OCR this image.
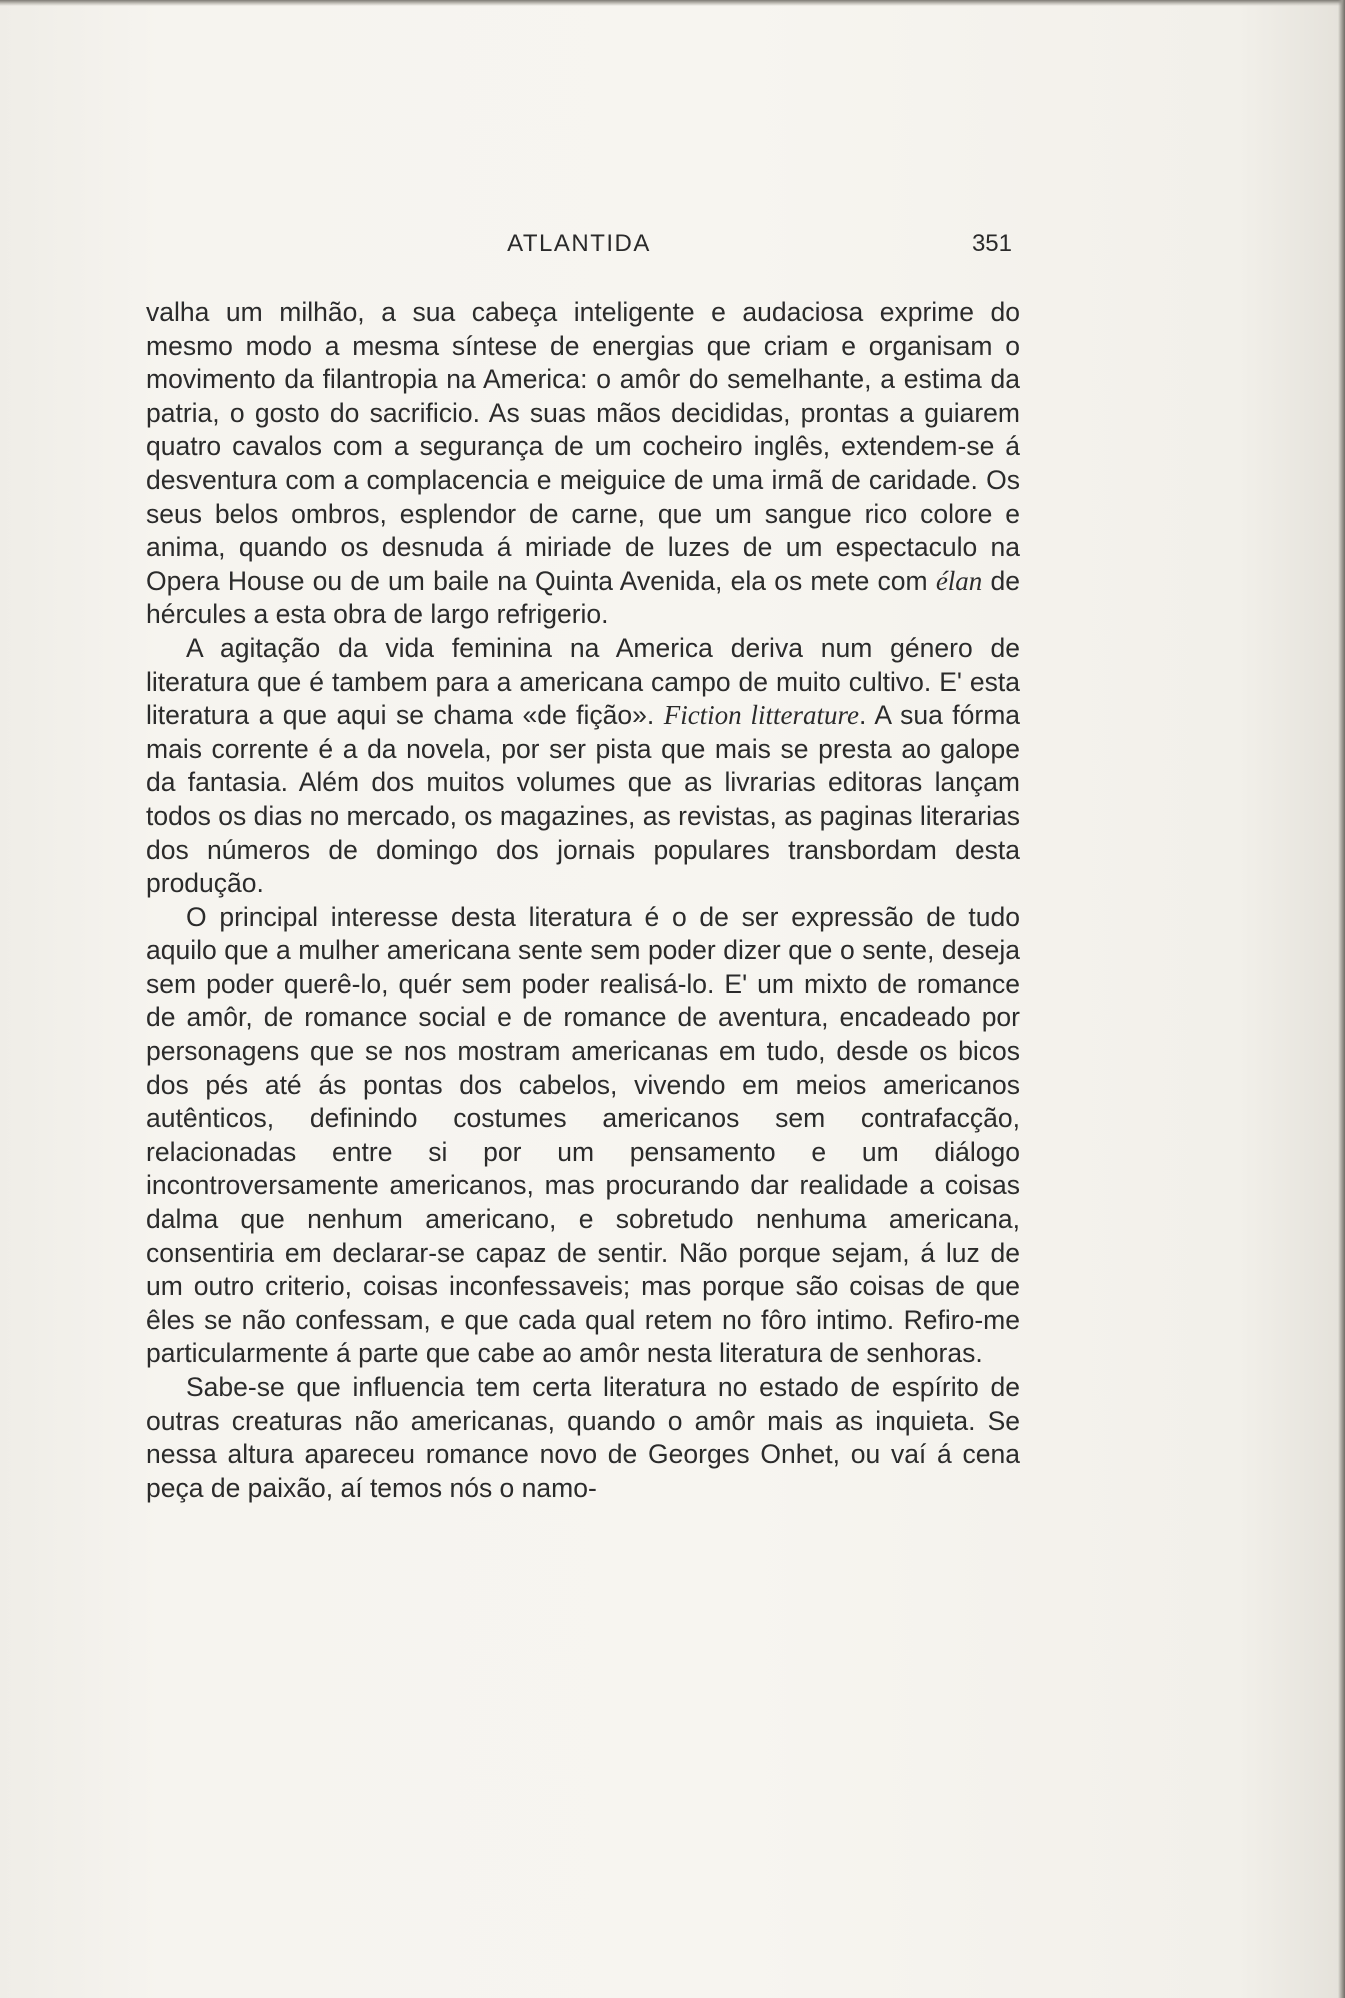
ATLANTIDA	351

valha um milhão, a sua cabeça inteligente e audaciosa exprime do mesmo modo a mesma síntese de energias que criam e organisam o movimento da filantropia na America: o amôr do semelhante, a estima da patria, o gosto do sacrificio. As suas mãos decididas, prontas a guiarem quatro cavalos com a segurança de um cocheiro inglês, extendem-se á desventura com a complacencia e meiguice de uma irmã de caridade. Os seus belos ombros, esplendor de carne, que um sangue rico colore e anima, quando os desnuda á miriade de luzes de um espectaculo na Opera House ou de um baile na Quinta Avenida, ela os mete com élan de hércules a esta obra de largo refrigerio.

A agitação da vida feminina na America deriva num género de literatura que é tambem para a americana campo de muito cultivo. E' esta literatura a que aqui se chama «de fição». Fiction litterature. A sua fórma mais corrente é a da novela, por ser pista que mais se presta ao galope da fantasia. Além dos muitos volumes que as livrarias editoras lançam todos os dias no mercado, os magazines, as revistas, as paginas literarias dos números de domingo dos jornais populares transbordam desta produção.

O principal interesse desta literatura é o de ser expressão de tudo aquilo que a mulher americana sente sem poder dizer que o sente, deseja sem poder querê-lo, quér sem poder realisá-lo. E' um mixto de romance de amôr, de romance social e de romance de aventura, encadeado por personagens que se nos mostram americanas em tudo, desde os bicos dos pés até ás pontas dos cabelos, vivendo em meios americanos autênticos, definindo costumes americanos sem contrafacção, relacionadas entre si por um pensamento e um diálogo incontroversamente americanos, mas procurando dar realidade a coisas dalma que nenhum americano, e sobretudo nenhuma americana, consentiria em declarar-se capaz de sentir. Não porque sejam, á luz de um outro criterio, coisas inconfessaveis; mas porque são coisas de que êles se não confessam, e que cada qual retem no fôro intimo. Refiro-me particularmente á parte que cabe ao amôr nesta literatura de senhoras.

Sabe-se que influencia tem certa literatura no estado de espírito de outras creaturas não americanas, quando o amôr mais as inquieta. Se nessa altura apareceu romance novo de Georges Onhet, ou vaí á cena peça de paixão, aí temos nós o namo-
